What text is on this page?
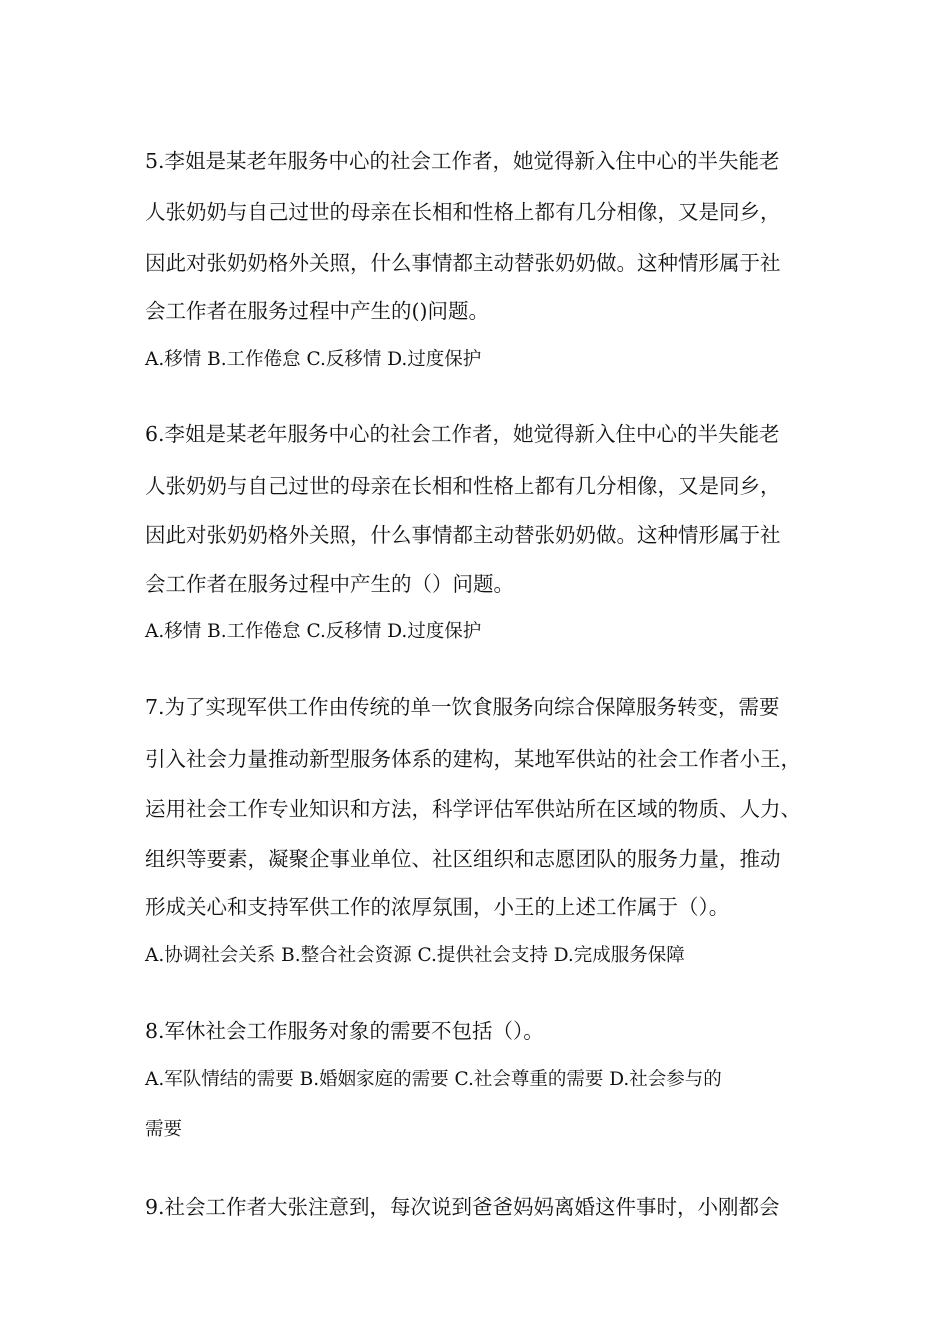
5.李姐是某老年服务中心的社会工作者，她觉得新入住中心的半失能老
人张奶奶与自己过世的母亲在长相和性格上都有几分相像，又是同乡，
因此对张奶奶格外关照，什么事情都主动替张奶奶做。这种情形属于社
会工作者在服务过程中产生的()问题。
A.移情 B.工作倦怠 C.反移情 D.过度保护
6.李姐是某老年服务中心的社会工作者，她觉得新入住中心的半失能老
人张奶奶与自己过世的母亲在长相和性格上都有几分相像，又是同乡，
因此对张奶奶格外关照，什么事情都主动替张奶奶做。这种情形属于社
会工作者在服务过程中产生的（）问题。
A.移情 B.工作倦怠 C.反移情 D.过度保护
7.为了实现军供工作由传统的单一饮食服务向综合保障服务转变，需要
引入社会力量推动新型服务体系的建构，某地军供站的社会工作者小王，
运用社会工作专业知识和方法，科学评估军供站所在区域的物质、人力、
组织等要素，凝聚企事业单位、社区组织和志愿团队的服务力量，推动
形成关心和支持军供工作的浓厚氛围，小王的上述工作属于（）。
A.协调社会关系 B.整合社会资源 C.提供社会支持 D.完成服务保障
8.军休社会工作服务对象的需要不包括（）。
A.军队情结的需要 B.婚姻家庭的需要 C.社会尊重的需要 D.社会参与的
需要
9.社会工作者大张注意到，每次说到爸爸妈妈离婚这件事时，小刚都会
